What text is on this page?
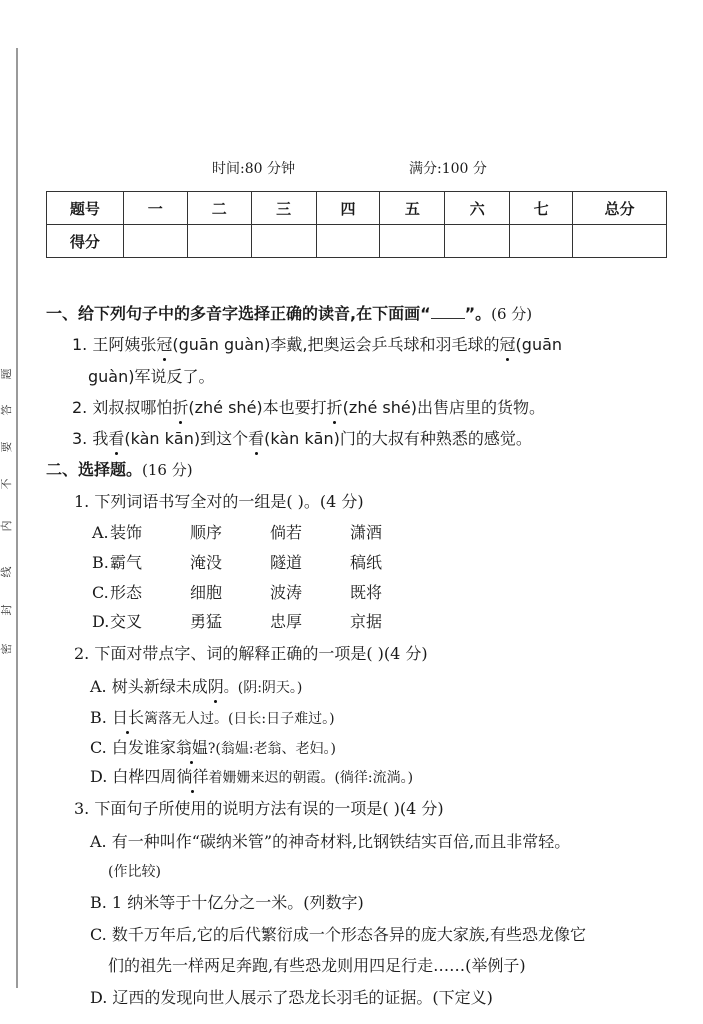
题
答
要
不
内
线
封
密
时间:80 分钟	满分:100 分
题号	一	二	三	四	五	六	七	总分
得分								
一、给下列句子中的多音字选择正确的读音,在下面画“ ”。(6 分)
1. 王阿姨张冠(guān guàn)李戴,把奥运会乒乓球和羽毛球的冠(guān
guàn)军说反了。
2. 刘叔叔哪怕折(zhé shé)本也要打折(zhé shé)出售店里的货物。
3. 我看(kàn kān)到这个看(kàn kān)门的大叔有种熟悉的感觉。
二、选择题。(16 分)
1. 下列词语书写全对的一组是( )。(4 分)
A.装饰	顺序	倘若	潇酒
B.霸气	淹没	隧道	稿纸
C.形态	细胞	波涛	既将
D.交叉	勇猛	忠厚	京据
2. 下面对带点字、词的解释正确的一项是( )(4 分)
A. 树头新绿未成阴。(阴:阴天。)
B. 日长篱落无人过。(日长:日子难过。)
C. 白发谁家翁媪?(翁媪:老翁、老妇。)
D. 白桦四周徜徉着姗姗来迟的朝霞。(徜徉:流淌。)
3. 下面句子所使用的说明方法有误的一项是( )(4 分)
A. 有一种叫作“碳纳米管”的神奇材料,比钢铁结实百倍,而且非常轻。
(作比较)
B. 1 纳米等于十亿分之一米。(列数字)
C. 数千万年后,它的后代繁衍成一个形态各异的庞大家族,有些恐龙像它
们的祖先一样两足奔跑,有些恐龙则用四足行走……(举例子)
D. 辽西的发现向世人展示了恐龙长羽毛的证据。(下定义)
